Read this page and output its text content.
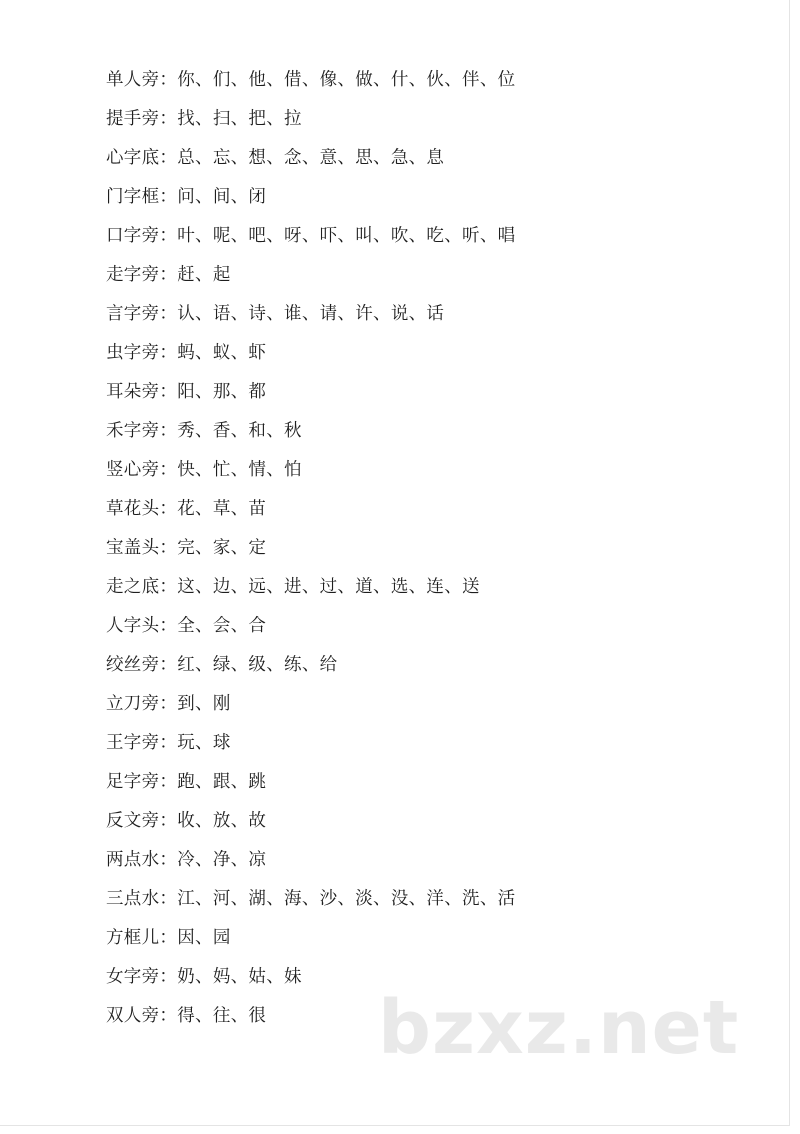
单人旁：你、们、他、借、像、做、什、伙、伴、位
提手旁：找、扫、把、拉
心字底：总、忘、想、念、意、思、急、息
门字框：问、间、闭
口字旁：叶、呢、吧、呀、吓、叫、吹、吃、听、唱
走字旁：赶、起
言字旁：认、语、诗、谁、请、许、说、话
虫字旁：蚂、蚁、虾
耳朵旁：阳、那、都
禾字旁：秀、香、和、秋
竖心旁：快、忙、情、怕
草花头：花、草、苗
宝盖头：完、家、定
走之底：这、边、远、进、过、道、选、连、送
人字头：全、会、合
绞丝旁：红、绿、级、练、给
立刀旁：到、刚
王字旁：玩、球
足字旁：跑、跟、跳
反文旁：收、放、故
两点水：冷、净、凉
三点水：江、河、湖、海、沙、淡、没、洋、洗、活
方框儿：因、园
女字旁：奶、妈、姑、妹
双人旁：得、往、很 bzxz.net
